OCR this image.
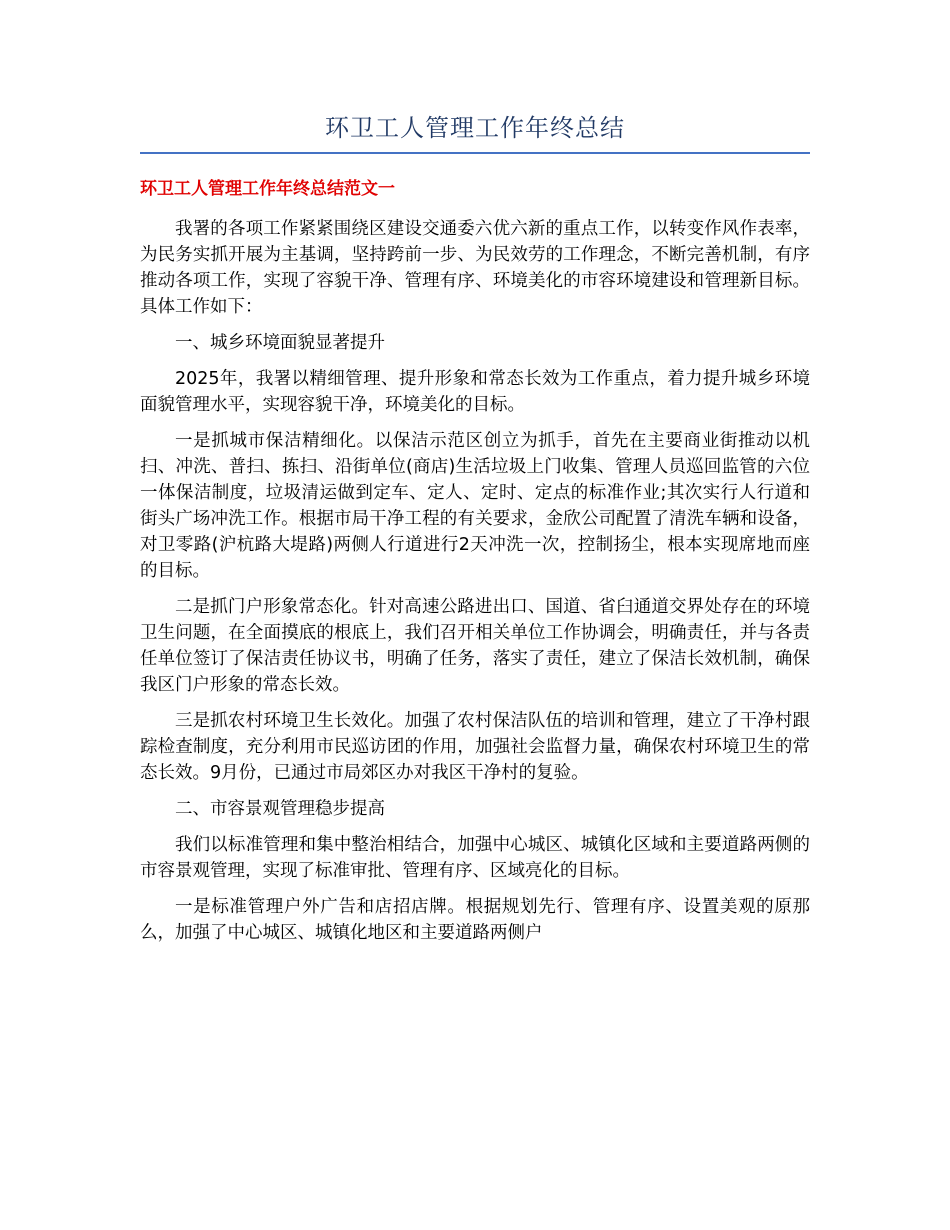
环卫工人管理工作年终总结
环卫工人管理工作年终总结范文一

我署的各项工作紧紧围绕区建设交通委六优六新的重点工作，以转变作风作表率，为民务实抓开展为主基调，坚持跨前一步、为民效劳的工作理念，不断完善机制，有序推动各项工作，实现了容貌干净、管理有序、环境美化的市容环境建设和管理新目标。具体工作如下：

一、城乡环境面貌显著提升

2025年，我署以精细管理、提升形象和常态长效为工作重点，着力提升城乡环境面貌管理水平，实现容貌干净，环境美化的目标。

一是抓城市保洁精细化。以保洁示范区创立为抓手，首先在主要商业街推动以机扫、冲洗、普扫、拣扫、沿街单位(商店)生活垃圾上门收集、管理人员巡回监管的六位一体保洁制度，垃圾清运做到定车、定人、定时、定点的标准作业;其次实行人行道和街头广场冲洗工作。根据市局干净工程的有关要求，金欣公司配置了清洗车辆和设备，对卫零路(沪杭路大堤路)两侧人行道进行2天冲洗一次，控制扬尘，根本实现席地而座的目标。

二是抓门户形象常态化。针对高速公路进出口、国道、省臼通道交界处存在的环境卫生问题，在全面摸底的根底上，我们召开相关单位工作协调会，明确责任，并与各责任单位签订了保洁责任协议书，明确了任务，落实了责任，建立了保洁长效机制，确保我区门户形象的常态长效。

三是抓农村环境卫生长效化。加强了农村保洁队伍的培训和管理，建立了干净村跟踪检查制度，充分利用市民巡访团的作用，加强社会监督力量，确保农村环境卫生的常态长效。9月份，已通过市局郊区办对我区干净村的复验。

二、市容景观管理稳步提高

我们以标准管理和集中整治相结合，加强中心城区、城镇化区域和主要道路两侧的市容景观管理，实现了标准审批、管理有序、区域亮化的目标。

一是标准管理户外广告和店招店牌。根据规划先行、管理有序、设置美观的原那么，加强了中心城区、城镇化地区和主要道路两侧户
